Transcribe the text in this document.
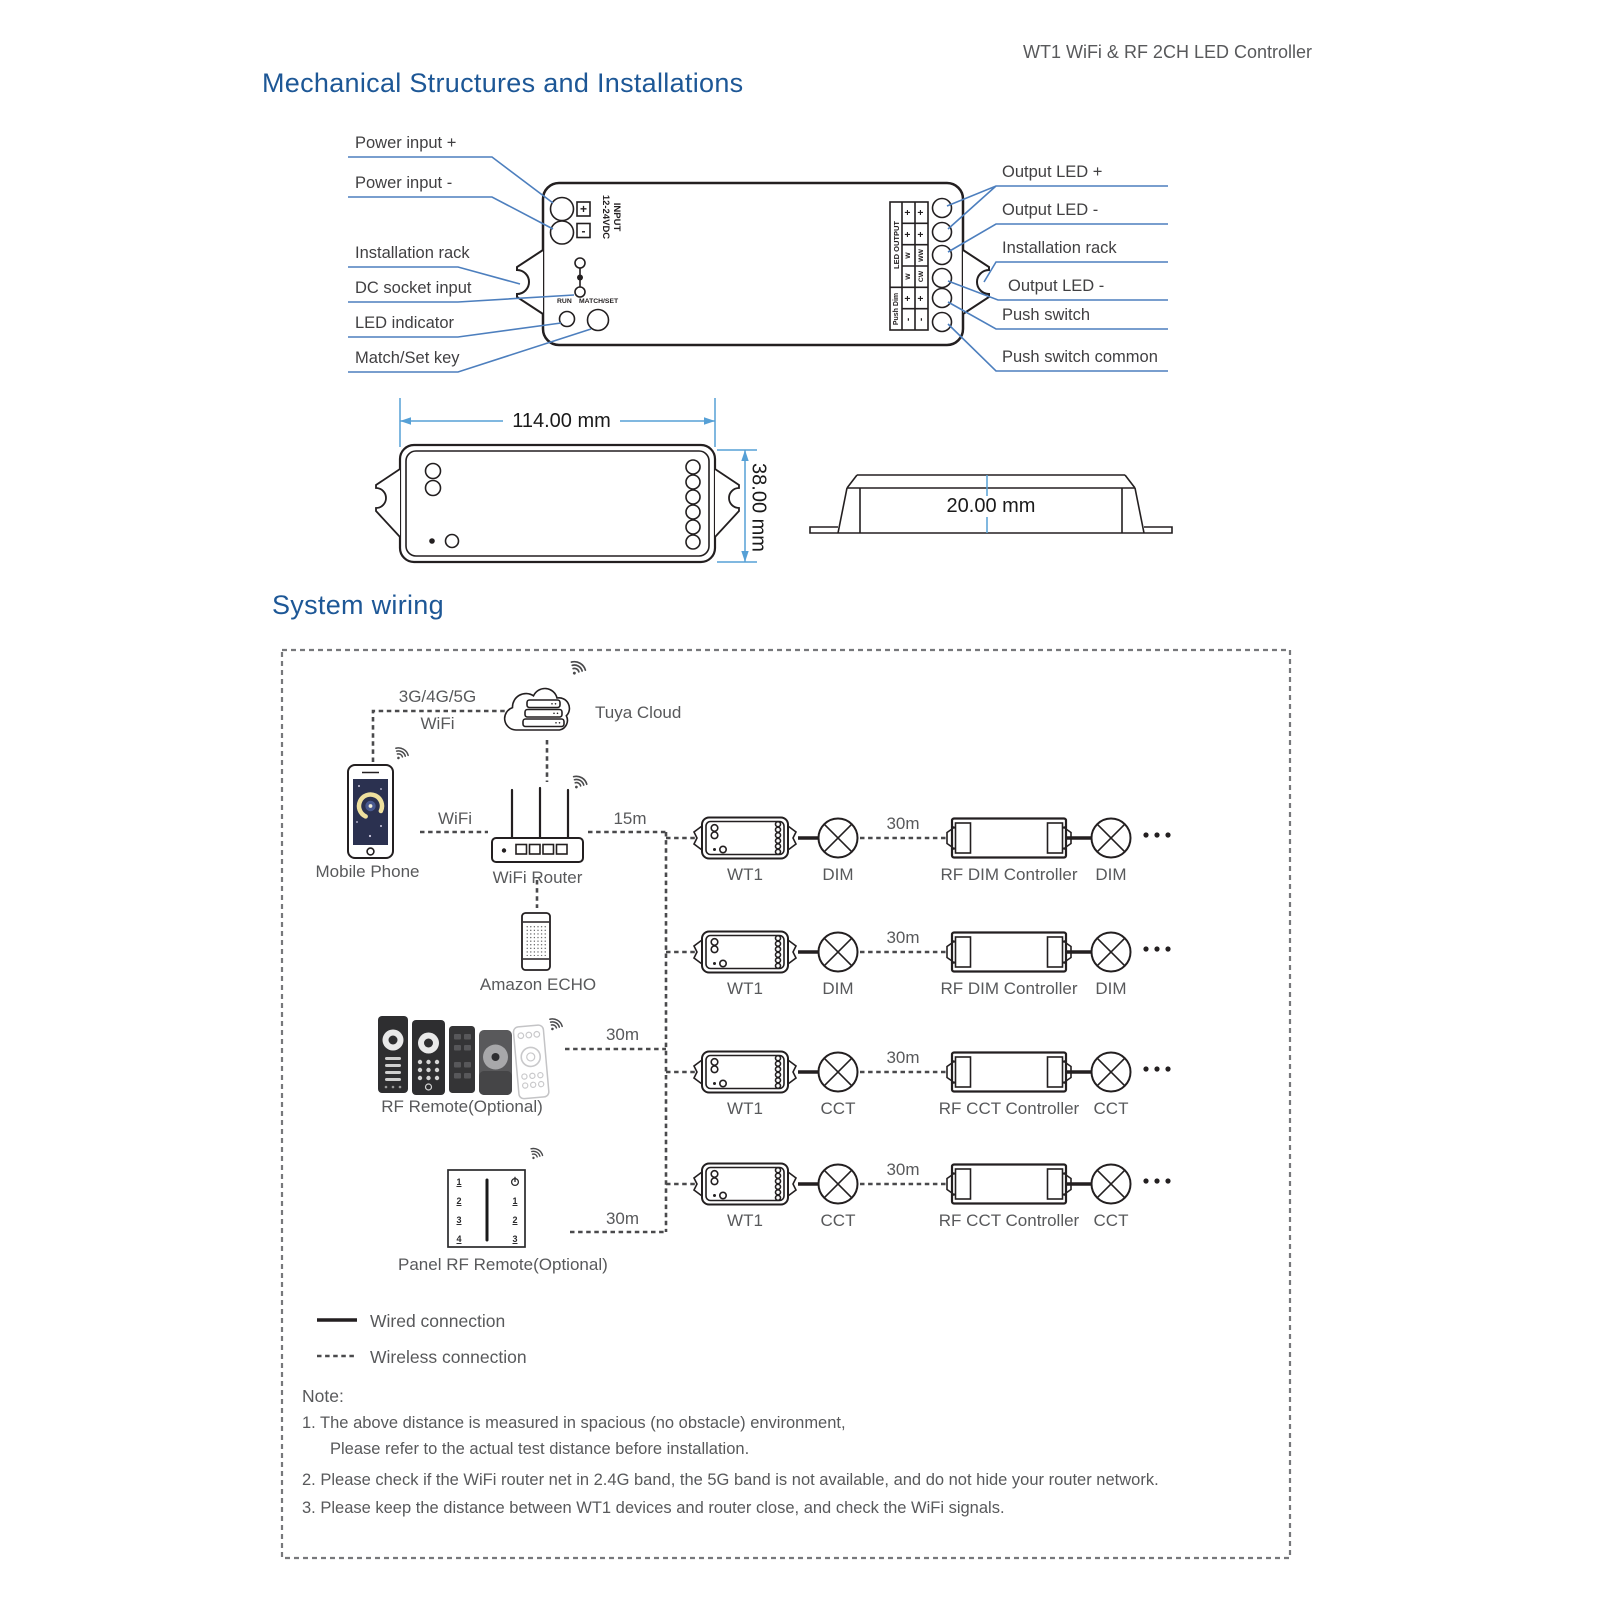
WT1 WiFi & RF 2CH LED Controller
Mechanical Structures and Installations
Power input +
Power input -
Installation rack
DC socket input
LED indicator
Match/Set key
Output LED +
Output LED -
Installation rack
Output LED -
Push switch
Push switch common
+
-	INPUT
12-24VDC
RUN MATCH/SET
LED OUTPUT
Push Dim
+
+
W
W
+
-
+
+
WW
CW
+
-
114.00 mm
38.00 mm	20.00 mm
System wiring
3G/4G/5G
WiFi
Tuya Cloud
Mobile Phone
WiFi
WiFi Router
15m
Amazon ECHO
RF Remote(Optional)
30m
Panel RF Remote(Optional)
30m
1
2
3
4
1
2
3
WT1	DIM
30m
RF DIM Controller	DIM
WT1	DIM
30m
RF DIM Controller	DIM
WT1	CCT
30m
RF CCT Controller CCT
WT1	CCT
30m
RF CCT Controller CCT
Wired connection
Wireless connection
Note:
1. The above distance is measured in spacious (no obstacle) environment,
Please refer to the actual test distance before installation.
2. Please check if the WiFi router net in 2.4G band, the 5G band is not available, and do not hide your router network.
3. Please keep the distance between WT1 devices and router close, and check the WiFi signals.
